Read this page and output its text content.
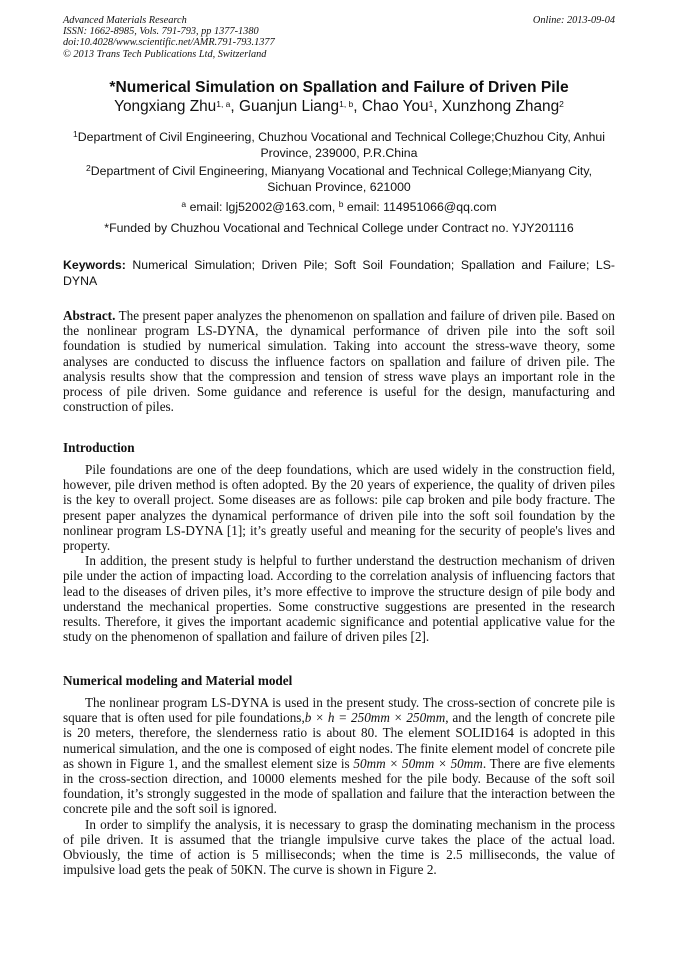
Advanced Materials Research
ISSN: 1662-8985, Vols. 791-793, pp 1377-1380
doi:10.4028/www.scientific.net/AMR.791-793.1377
© 2013 Trans Tech Publications Ltd, Switzerland
Online: 2013-09-04
*Numerical Simulation on Spallation and Failure of Driven Pile
Yongxiang Zhu$^{1, a}$, Guanjun Liang$^{1, b}$, Chao You$^1$, Xunzhong Zhang$^2$
$^1$Department of Civil Engineering, Chuzhou Vocational and Technical College;Chuzhou City, Anhui Province, 239000, P.R.China
$^2$Department of Civil Engineering, Mianyang Vocational and Technical College;Mianyang City, Sichuan Province, 621000
$^a$ email: lgj52002@163.com, $^b$ email: 114951066@qq.com
*Funded by Chuzhou Vocational and Technical College under Contract no. YJY201116
Keywords: Numerical Simulation; Driven Pile; Soft Soil Foundation; Spallation and Failure; LS-DYNA
Abstract. The present paper analyzes the phenomenon on spallation and failure of driven pile. Based on the nonlinear program LS-DYNA, the dynamical performance of driven pile into the soft soil foundation is studied by numerical simulation. Taking into account the stress-wave theory, some analyses are conducted to discuss the influence factors on spallation and failure of driven pile. The analysis results show that the compression and tension of stress wave plays an important role in the process of pile driven. Some guidance and reference is useful for the design, manufacturing and construction of piles.
Introduction

Pile foundations are one of the deep foundations, which are used widely in the construction field, however, pile driven method is often adopted. By the 20 years of experience, the quality of driven piles is the key to overall project. Some diseases are as follows: pile cap broken and pile body fracture. The present paper analyzes the dynamical performance of driven pile into the soft soil foundation by the nonlinear program LS-DYNA [1]; it’s greatly useful and meaning for the security of people's lives and property.

In addition, the present study is helpful to further understand the destruction mechanism of driven pile under the action of impacting load. According to the correlation analysis of influencing factors that lead to the diseases of driven piles, it’s more effective to improve the structure design of pile body and understand the mechanical properties. Some constructive suggestions are presented in the research results. Therefore, it gives the important academic significance and potential applicative value for the study on the phenomenon of spallation and failure of driven piles [2].

Numerical modeling and Material model

The nonlinear program LS-DYNA is used in the present study. The cross-section of concrete pile is square that is often used for pile foundations,b × h = 250mm × 250mm, and the length of concrete pile is 20 meters, therefore, the slenderness ratio is about 80. The element SOLID164 is adopted in this numerical simulation, and the one is composed of eight nodes. The finite element model of concrete pile as shown in Figure 1, and the smallest element size is 50mm × 50mm × 50mm. There are five elements in the cross-section direction, and 10000 elements meshed for the pile body. Because of the soft soil foundation, it’s strongly suggested in the mode of spallation and failure that the interaction between the concrete pile and the soft soil is ignored.

In order to simplify the analysis, it is necessary to grasp the dominating mechanism in the process of pile driven. It is assumed that the triangle impulsive curve takes the place of the actual load. Obviously, the time of action is 5 milliseconds; when the time is 2.5 milliseconds, the value of impulsive load gets the peak of 50KN. The curve is shown in Figure 2.
